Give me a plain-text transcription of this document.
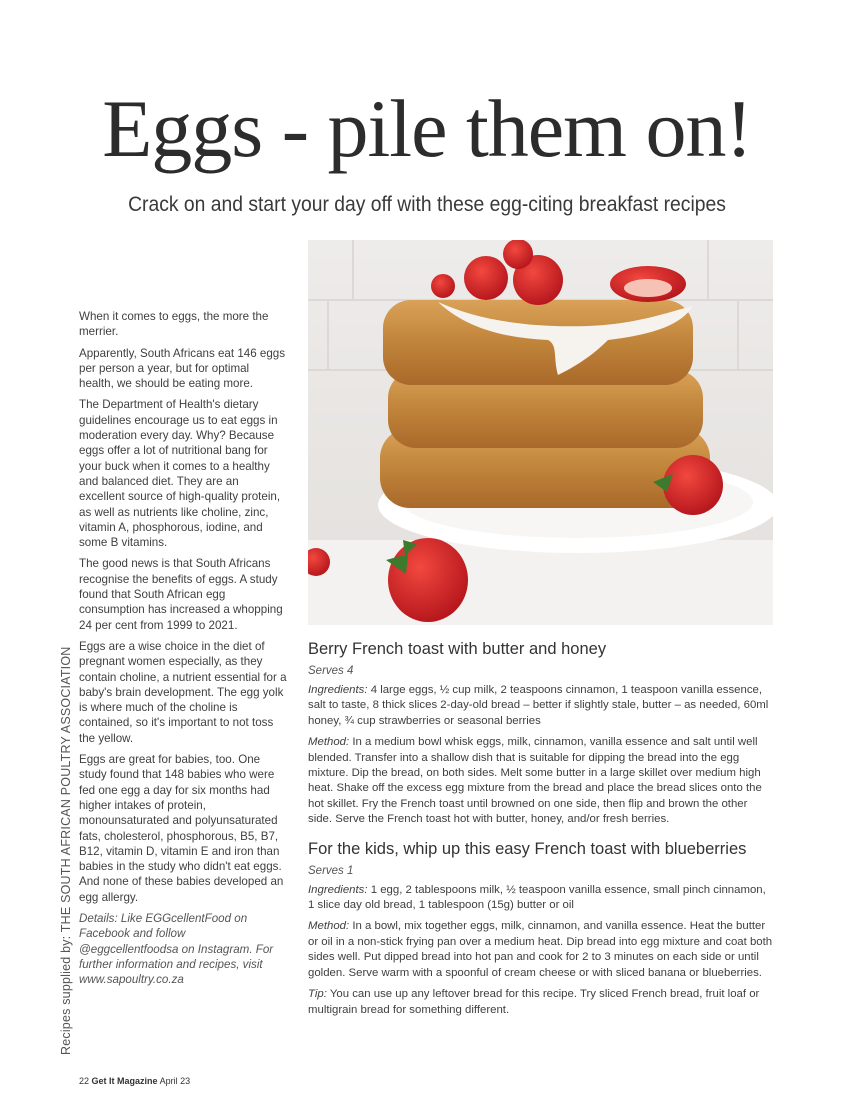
Eggs - pile them on!
Crack on and start your day off with these egg-citing breakfast recipes

When it comes to eggs, the more the merrier.

Apparently, South Africans eat 146 eggs per person a year, but for optimal health, we should be eating more.

The Department of Health's dietary guidelines encourage us to eat eggs in moderation every day. Why? Because eggs offer a lot of nutritional bang for your buck when it comes to a healthy and balanced diet. They are an excellent source of high-quality protein, as well as nutrients like choline, zinc, vitamin A, phosphorous, iodine, and some B vitamins.

The good news is that South Africans recognise the benefits of eggs. A study found that South African egg consumption has increased a whopping 24 per cent from 1999 to 2021.

Eggs are a wise choice in the diet of pregnant women especially, as they contain choline, a nutrient essential for a baby's brain development. The egg yolk is where much of the choline is contained, so it's important to not toss the yellow.

Eggs are great for babies, too. One study found that 148 babies who were fed one egg a day for six months had higher intakes of protein, monounsaturated and polyunsaturated fats, cholesterol, phosphorous, B5, B7, B12, vitamin D, vitamin E and iron than babies in the study who didn't eat eggs. And none of these babies developed an egg allergy.

Details: Like EGGcellentFood on Facebook and follow @eggcellentfoodsa on Instagram. For further information and recipes, visit www.sapoultry.co.za

Recipes supplied by: THE SOUTH AFRICAN POULTRY ASSOCIATION
22 Get It Magazine April 23
Berry French toast with butter and honey
Serves 4
Ingredients: 4 large eggs, ½ cup milk, 2 teaspoons cinnamon, 1 teaspoon vanilla essence, salt to taste, 8 thick slices 2-day-old bread – better if slightly stale, butter – as needed, 60ml honey, ¾ cup strawberries or seasonal berries
Method: In a medium bowl whisk eggs, milk, cinnamon, vanilla essence and salt until well blended. Transfer into a shallow dish that is suitable for dipping the bread into the egg mixture. Dip the bread, on both sides. Melt some butter in a large skillet over medium high heat. Shake off the excess egg mixture from the bread and place the bread slices onto the hot skillet. Fry the French toast until browned on one side, then flip and brown the other side. Serve the French toast hot with butter, honey, and/or fresh berries.
For the kids, whip up this easy French toast with blueberries
Serves 1
Ingredients: 1 egg, 2 tablespoons milk, ½ teaspoon vanilla essence, small pinch cinnamon, 1 slice day old bread, 1 tablespoon (15g) butter or oil
Method: In a bowl, mix together eggs, milk, cinnamon, and vanilla essence. Heat the butter or oil in a non-stick frying pan over a medium heat. Dip bread into egg mixture and coat both sides well. Put dipped bread into hot pan and cook for 2 to 3 minutes on each side or until golden. Serve warm with a spoonful of cream cheese or with sliced banana or blueberries.
Tip: You can use up any leftover bread for this recipe. Try sliced French bread, fruit loaf or multigrain bread for something different.
